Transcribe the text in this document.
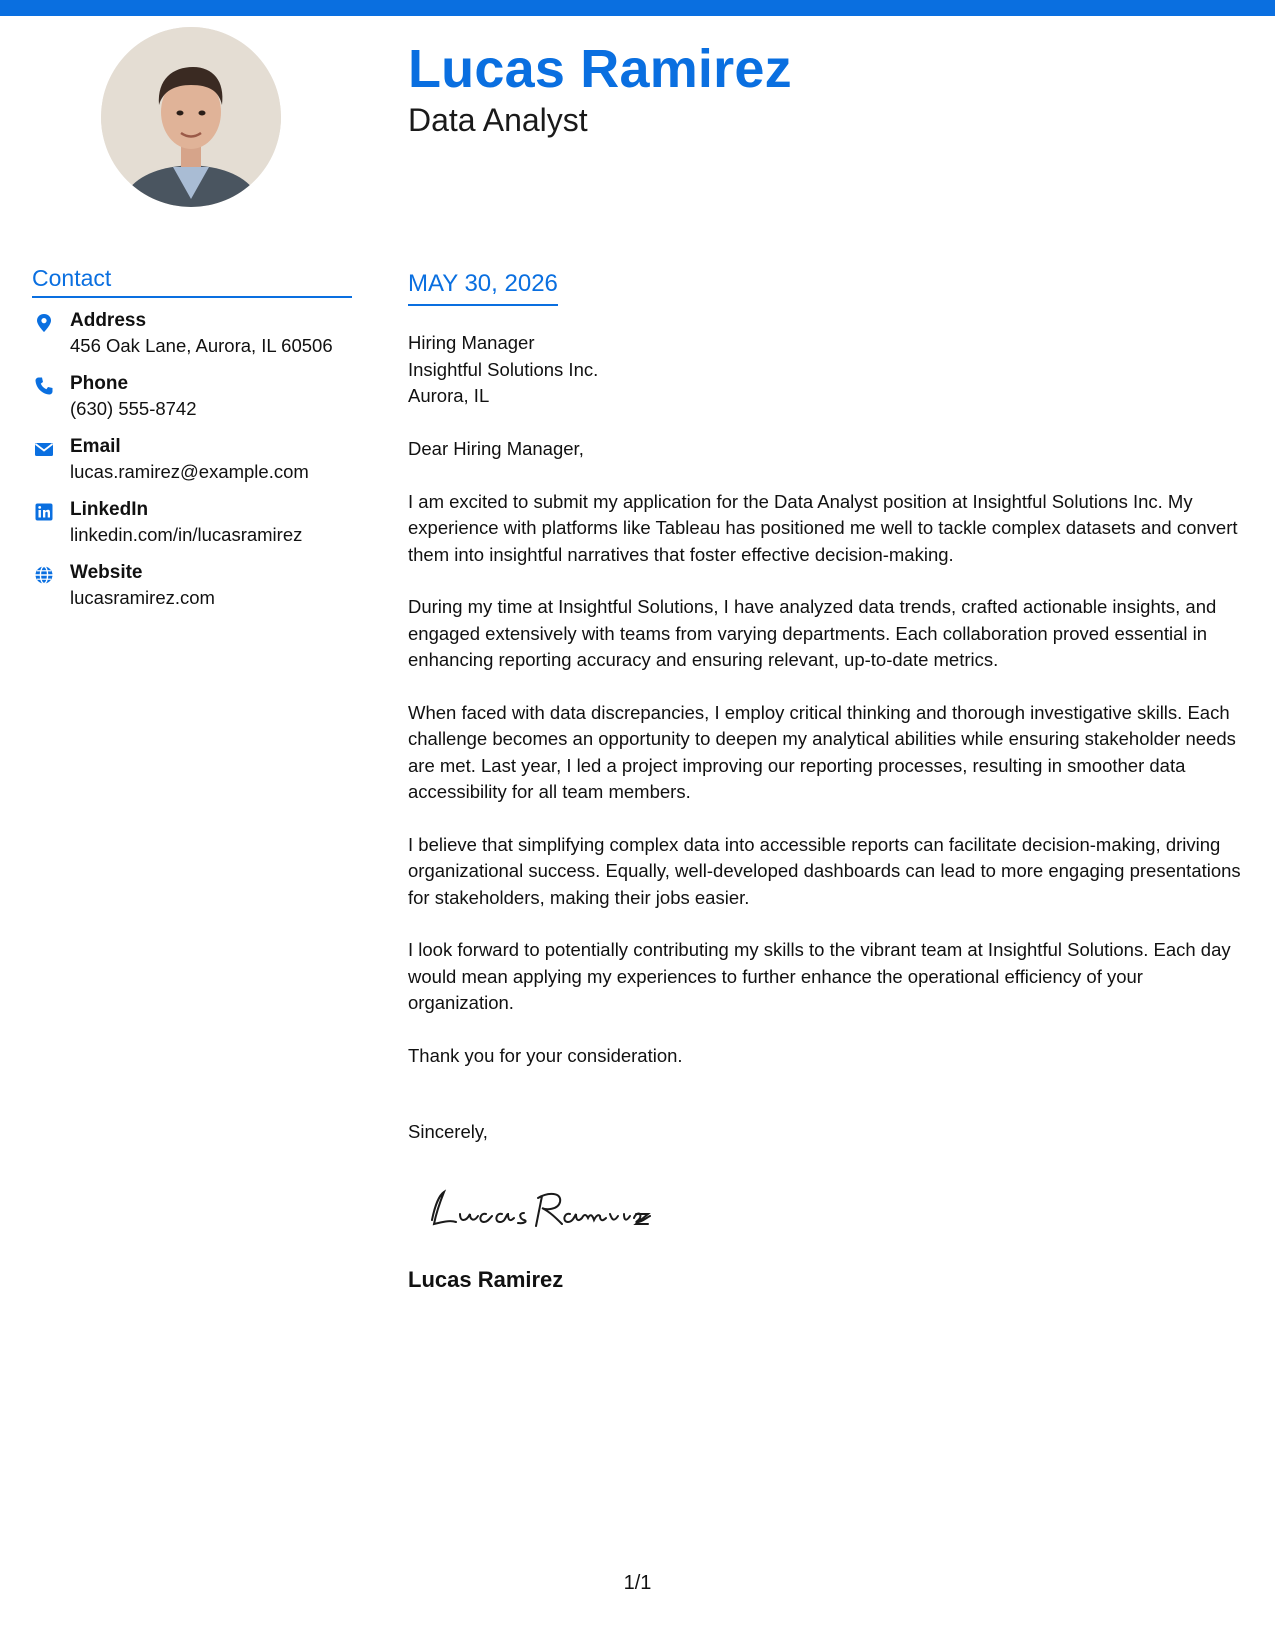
Lucas Ramirez
Data Analyst
Contact
Address
456 Oak Lane, Aurora, IL 60506
Phone
(630) 555-8742
Email
lucas.ramirez@example.com
LinkedIn
linkedin.com/in/lucasramirez
Website
lucasramirez.com
MAY 30, 2026
Hiring Manager
Insightful Solutions Inc.
Aurora, IL

Dear Hiring Manager,

I am excited to submit my application for the Data Analyst position at Insightful Solutions Inc. My experience with platforms like Tableau has positioned me well to tackle complex datasets and convert them into insightful narratives that foster effective decision-making.

During my time at Insightful Solutions, I have analyzed data trends, crafted actionable insights, and engaged extensively with teams from varying departments. Each collaboration proved essential in enhancing reporting accuracy and ensuring relevant, up-to-date metrics.

When faced with data discrepancies, I employ critical thinking and thorough investigative skills. Each challenge becomes an opportunity to deepen my analytical abilities while ensuring stakeholder needs are met. Last year, I led a project improving our reporting processes, resulting in smoother data accessibility for all team members.

I believe that simplifying complex data into accessible reports can facilitate decision-making, driving organizational success. Equally, well-developed dashboards can lead to more engaging presentations for stakeholders, making their jobs easier.

I look forward to potentially contributing my skills to the vibrant team at Insightful Solutions. Each day would mean applying my experiences to further enhance the operational efficiency of your organization.

Thank you for your consideration.

Sincerely,
Lucas Ramirez
1/1
